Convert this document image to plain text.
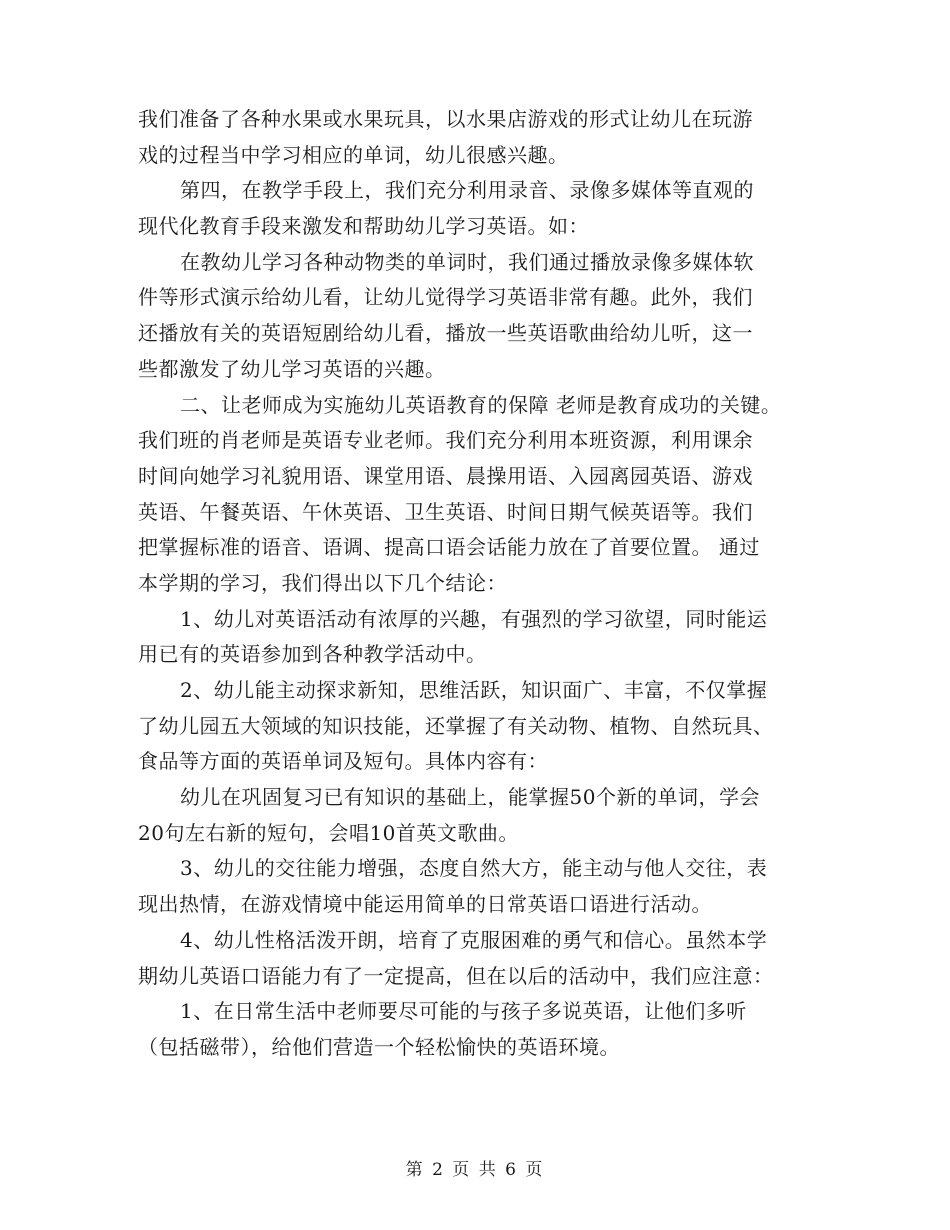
我们准备了各种水果或水果玩具，以水果店游戏的形式让幼儿在玩游
戏的过程当中学习相应的单词，幼儿很感兴趣。
第四，在教学手段上，我们充分利用录音、录像多媒体等直观的
现代化教育手段来激发和帮助幼儿学习英语。如：
在教幼儿学习各种动物类的单词时，我们通过播放录像多媒体软
件等形式演示给幼儿看，让幼儿觉得学习英语非常有趣。此外，我们
还播放有关的英语短剧给幼儿看，播放一些英语歌曲给幼儿听，这一
些都激发了幼儿学习英语的兴趣。
二、让老师成为实施幼儿英语教育的保障 老师是教育成功的关键。
我们班的肖老师是英语专业老师。我们充分利用本班资源，利用课余
时间向她学习礼貌用语、课堂用语、晨操用语、入园离园英语、游戏
英语、午餐英语、午休英语、卫生英语、时间日期气候英语等。我们
把掌握标准的语音、语调、提高口语会话能力放在了首要位置。 通过
本学期的学习，我们得出以下几个结论：
1、幼儿对英语活动有浓厚的兴趣，有强烈的学习欲望，同时能运
用已有的英语参加到各种教学活动中。
2、幼儿能主动探求新知，思维活跃，知识面广、丰富，不仅掌握
了幼儿园五大领域的知识技能，还掌握了有关动物、植物、自然玩具、
食品等方面的英语单词及短句。具体内容有：
幼儿在巩固复习已有知识的基础上，能掌握50个新的单词，学会
20句左右新的短句，会唱10首英文歌曲。
3、幼儿的交往能力增强，态度自然大方，能主动与他人交往，表
现出热情，在游戏情境中能运用简单的日常英语口语进行活动。
4、幼儿性格活泼开朗，培育了克服困难的勇气和信心。虽然本学
期幼儿英语口语能力有了一定提高，但在以后的活动中，我们应注意：
1、在日常生活中老师要尽可能的与孩子多说英语，让他们多听
（包括磁带），给他们营造一个轻松愉快的英语环境。
第 2 页 共 6 页
